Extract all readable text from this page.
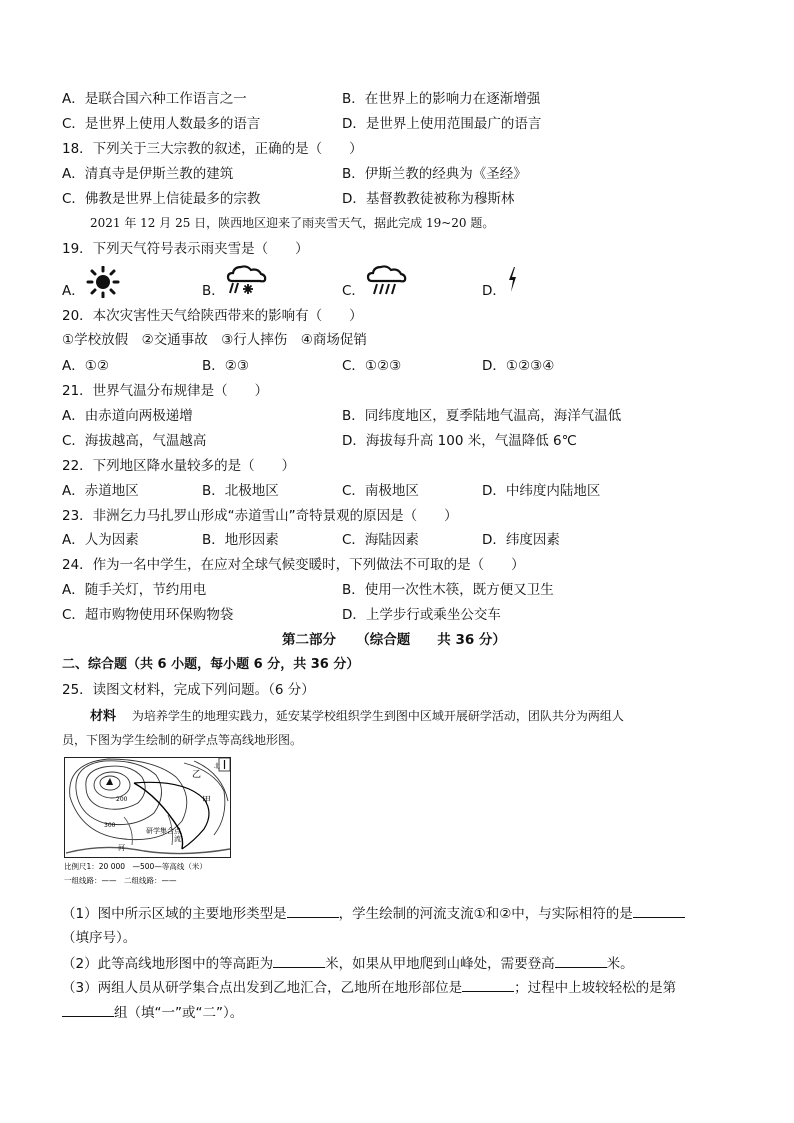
A．是联合国六种工作语言之一	B．在世界上的影响力在逐渐增强
C．是世界上使用人数最多的语言	D．是世界上使用范围最广的语言
18．下列关于三大宗教的叙述，正确的是（　　）
A．清真寺是伊斯兰教的建筑	B．伊斯兰教的经典为《圣经》
C．佛教是世界上信徒最多的宗教	D．基督教教徒被称为穆斯林
2021 年 12 月 25 日，陕西地区迎来了雨夹雪天气，据此完成 19~20 题。
19．下列天气符号表示雨夹雪是（　　）
A．	B．	C．	D．
20．本次灾害性天气给陕西带来的影响有（　　）
①学校放假　②交通事故　③行人摔伤　④商场促销
A．①②	B．②③	C．①②③	D．①②③④
21．世界气温分布规律是（　　）
A．由赤道向两极递增	B．同纬度地区，夏季陆地气温高，海洋气温低
C．海拔越高，气温越高	D．海拔每升高 100 米，气温降低 6℃
22．下列地区降水量较多的是（　　）
A．赤道地区	B．北极地区	C．南极地区	D．中纬度内陆地区
23．非洲乞力马扎罗山形成“赤道雪山”奇特景观的原因是（　　）
A．人为因素	B．地形因素	C．海陆因素	D．纬度因素
24．作为一名中学生，在应对全球气候变暖时，下列做法不可取的是（　　）
A．随手关灯，节约用电	B．使用一次性木筷，既方便又卫生
C．超市购物使用环保购物袋	D．上学步行或乘坐公交车
第二部分　　（综合题　　共 36 分）
二、综合题（共 6 小题，每小题 6 分，共 36 分）
25．读图文材料，完成下列问题。（6 分）
材料 为培养学生的地理实践力，延安某学校组织学生到图中区域开展研学活动，团队共分为两组人
员，下图为学生绘制的研学点等高线地形图。
北
甲
乙
研学集合点
河
流
200
300
比例尺1：20 000　—500—等高线（米）
一组线路：——　二组线路：——
（1）图中所示区域的主要地形类型是	，学生绘制的河流支流①和②中，与实际相符的是
（填序号）。
（2）此等高线地形图中的等高距为	米，如果从甲地爬到山峰处，需要登高	米。
（3）两组人员从研学集合点出发到乙地汇合，乙地所在地形部位是	；过程中上坡较轻松的是第
组（填“一”或“二”）。
